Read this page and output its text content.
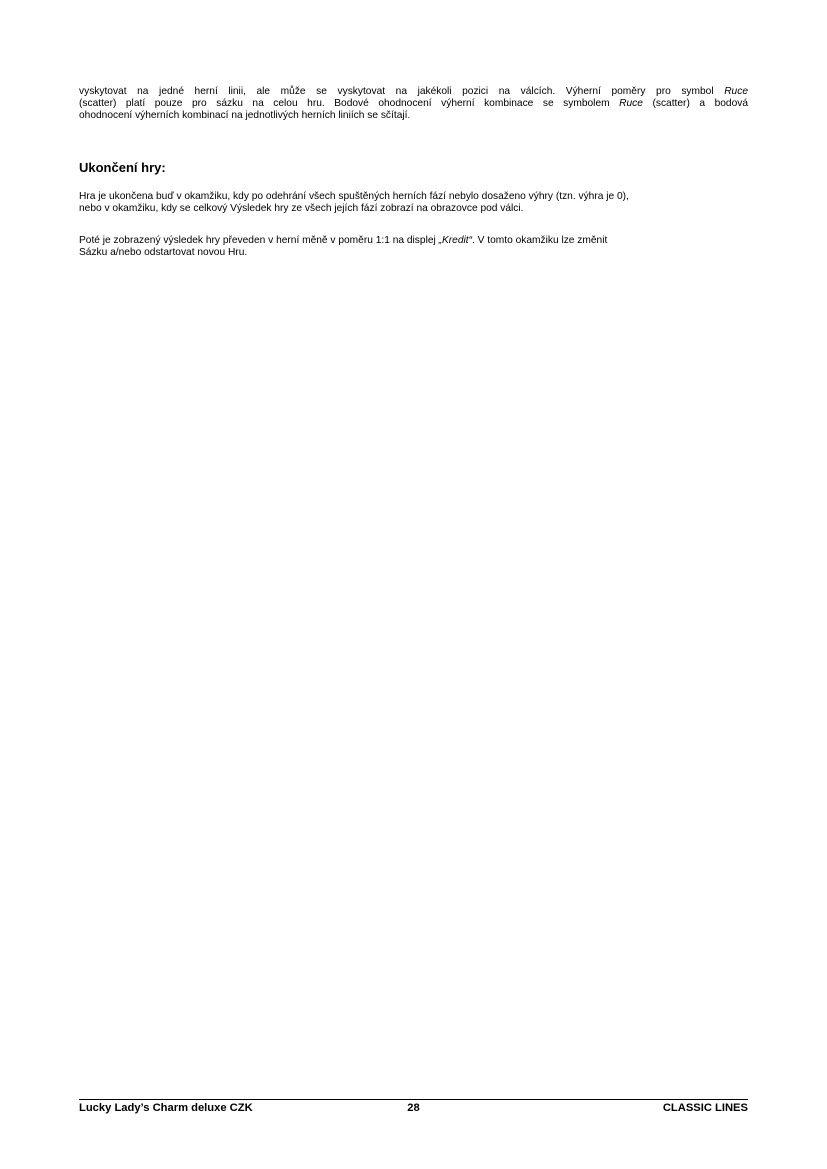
vyskytovat na jedné herní linii, ale může se vyskytovat na jakékoli pozici na válcích. Výherní poměry pro symbol Ruce
(scatter) platí pouze pro sázku na celou hru. Bodové ohodnocení výherní kombinace se symbolem Ruce (scatter) a bodová
ohodnocení výherních kombinací na jednotlivých herních liniích se sčítají.

Ukončení hry:

Hra je ukončena buď v okamžiku, kdy po odehrání všech spuštěných herních fází nebylo dosaženo výhry (tzn. výhra je 0),
nebo v okamžiku, kdy se celkový Výsledek hry ze všech jejích fází zobrazí na obrazovce pod válci.

Poté je zobrazený výsledek hry převeden v herní měně v poměru 1:1 na displej „Kredit“. V tomto okamžiku lze změnit
Sázku a/nebo odstartovat novou Hru.

Lucky Lady’s Charm deluxe CZK	28	CLASSIC LINES
